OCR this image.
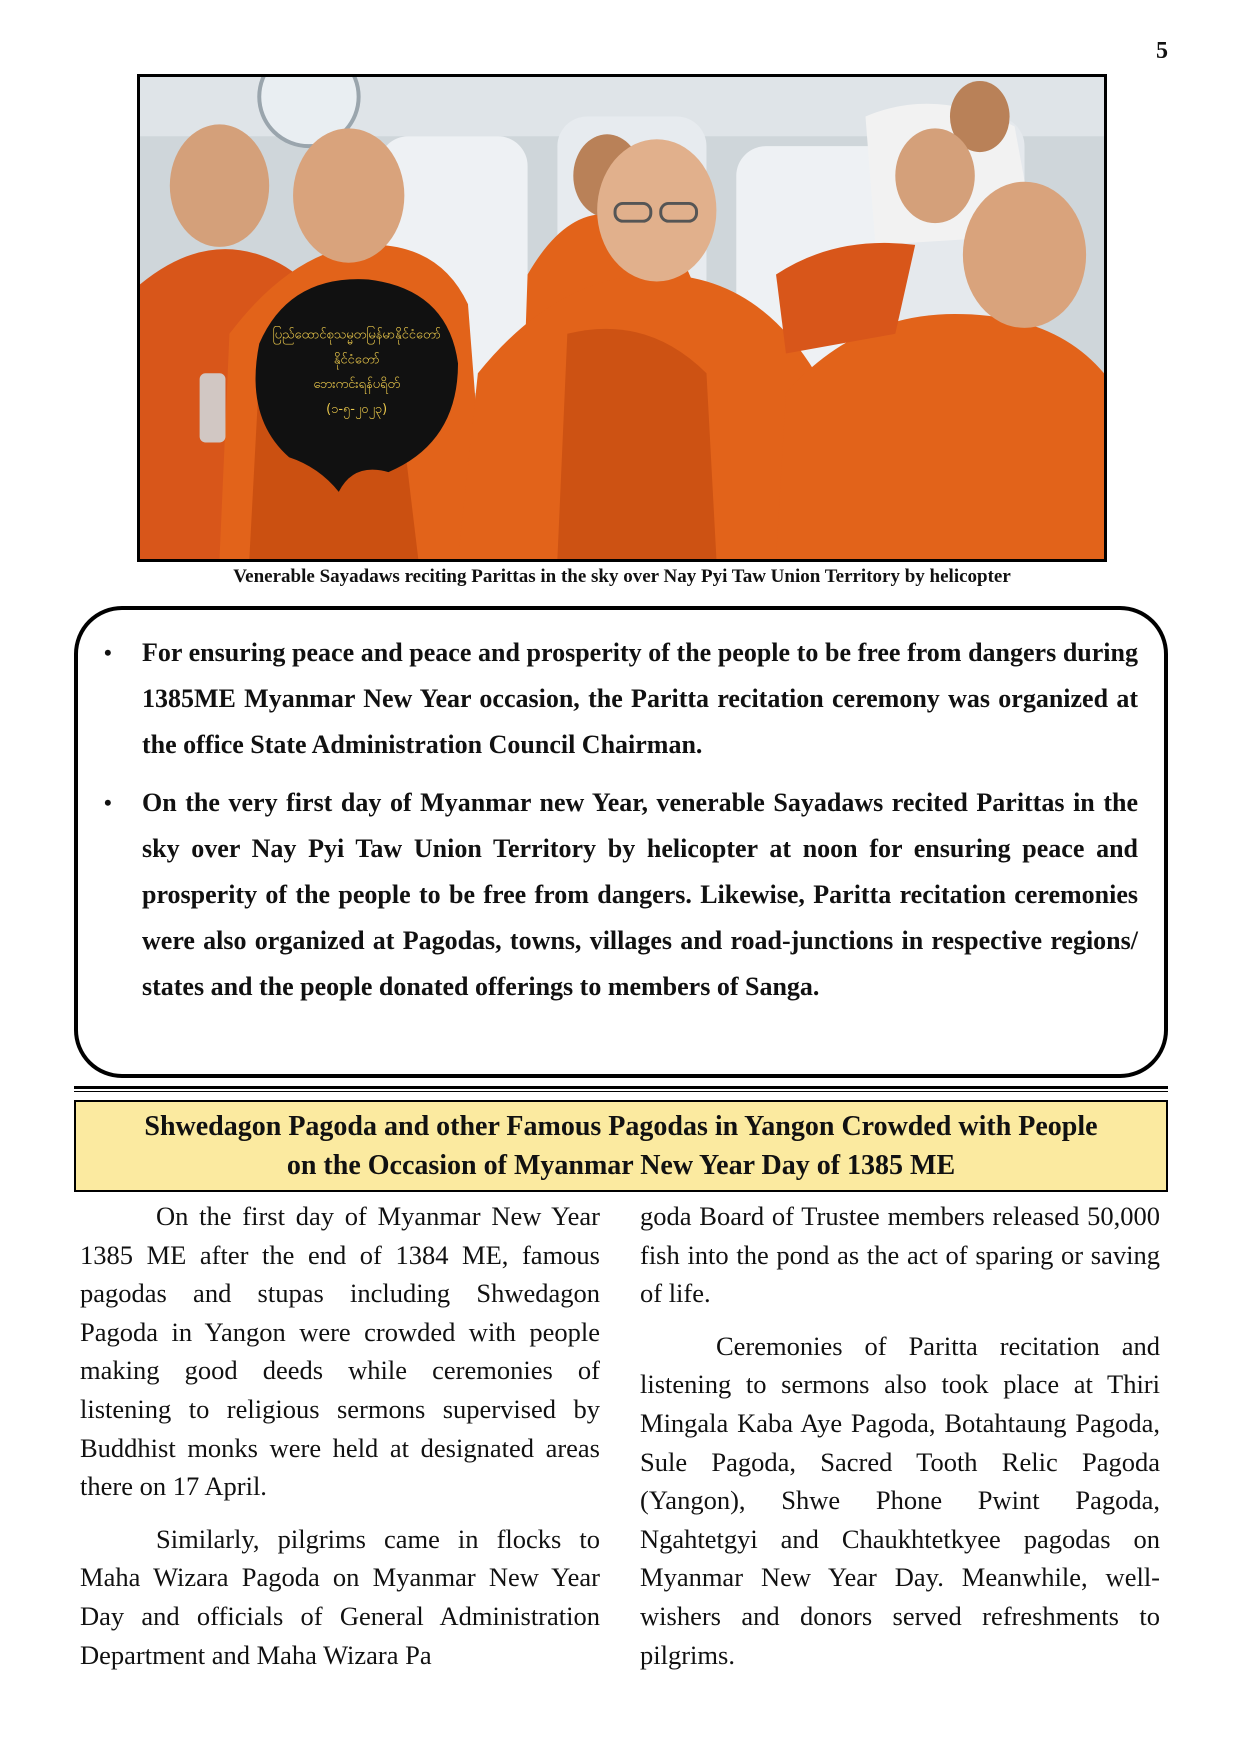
5
ပြည်ထောင်စုသမ္မတမြန်မာနိုင်ငံတော်
နိုင်ငံတော်
ဘေးကင်းရန်ပရိတ်
(၁-၅-၂၀၂၃)
Venerable Sayadaws reciting Parittas in the sky over Nay Pyi Taw Union Territory by helicopter
• For ensuring peace and peace and prosperity of the people to be free from dangers during 1385ME Myanmar New Year occasion, the Paritta recitation ceremony was organized at the office State Administration Council Chairman.
• On the very first day of Myanmar new Year, venerable Sayadaws recited Parittas in the sky over Nay Pyi Taw Union Territory by helicopter at noon for ensuring peace and prosperity of the people to be free from dangers. Likewise, Paritta recitation ceremonies were also organized at Pagodas, towns, villages and road-junctions in respective regions/ states and the people donated offerings to members of Sanga.
Shwedagon Pagoda and other Famous Pagodas in Yangon Crowded with People
on the Occasion of Myanmar New Year Day of 1385 ME

On the first day of Myanmar New Year 1385 ME after the end of 1384 ME, famous pagodas and stupas including Shwedagon Pagoda in Yangon were crowded with people making good deeds while ceremonies of listening to religious sermons supervised by Buddhist monks were held at designated areas there on 17 April.

Similarly, pilgrims came in flocks to Maha Wizara Pagoda on Myanmar New Year Day and officials of General Administration Department and Maha Wizara Pa

goda Board of Trustee members released 50,000 fish into the pond as the act of sparing or saving of life.

Ceremonies of Paritta recitation and listening to sermons also took place at Thiri Mingala Kaba Aye Pagoda, Botahtaung Pagoda, Sule Pagoda, Sacred Tooth Relic Pagoda (Yangon), Shwe Phone Pwint Pagoda, Ngahtetgyi and Chaukhtetkyee pagodas on Myanmar New Year Day. Meanwhile, well-wishers and donors served refreshments to pilgrims.
